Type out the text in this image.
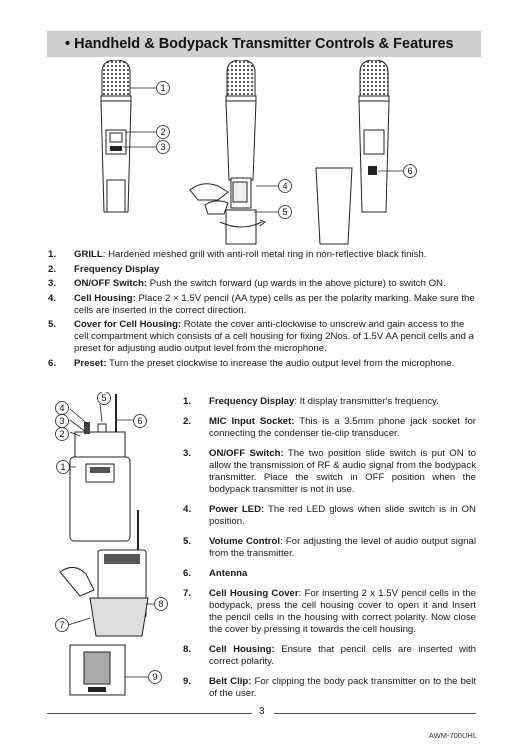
• Handheld & Bodypack Transmitter Controls & Features
1
2
3
4
5
6
1. GRILL: Hardened meshed grill with anti-roll metal ring in non-reflective black finish.
2. Frequency Display
3. ON/OFF Switch: Push the switch forward (up wards in the above picture) to switch ON.
4. Cell Housing: Place 2 × 1.5V pencil (AA type) cells as per the polarity marking. Make sure the cells are inserted in the correct direction.
5. Cover for Cell Housing: Rotate the cover anti-clockwise to unscrew and gain access to the cell compartment which consists of a cell housing for fixing 2Nos. of 1.5V AA pencil cells and a preset for adjusting audio output level from the microphone.
6. Preset: Turn the preset clockwise to increase the audio output level from the microphone.
4
3
2
5
6
1
8
7
9
1. Frequency Display: It display transmitter's frequency.
2. MIC Input Socket: This is a 3.5mm phone jack socket for connecting the condenser tie-clip transducer.
3. ON/OFF Switch: The two position slide switch is put ON to allow the transmission of RF & audio signal from the bodypack transmitter. Place the switch in OFF position when the bodypack transmitter is not in use.
4. Power LED: The red LED glows when slide switch is in ON position.
5. Volume Control: For adjusting the level of audio output signal from the transmitter.
6. Antenna
7. Cell Housing Cover: For inserting 2 x 1.5V pencil cells in the bodypack, press the cell housing cover to open it and Insert the pencil cells in the housing with correct polarity. Now close the cover by pressing it towards the cell housing.
8. Cell Housing: Ensure that pencil cells are inserted with correct polarity.
9. Belt Clip: For clipping the body pack transmitter on to the belt of the user.
3
AWM-700UHL
